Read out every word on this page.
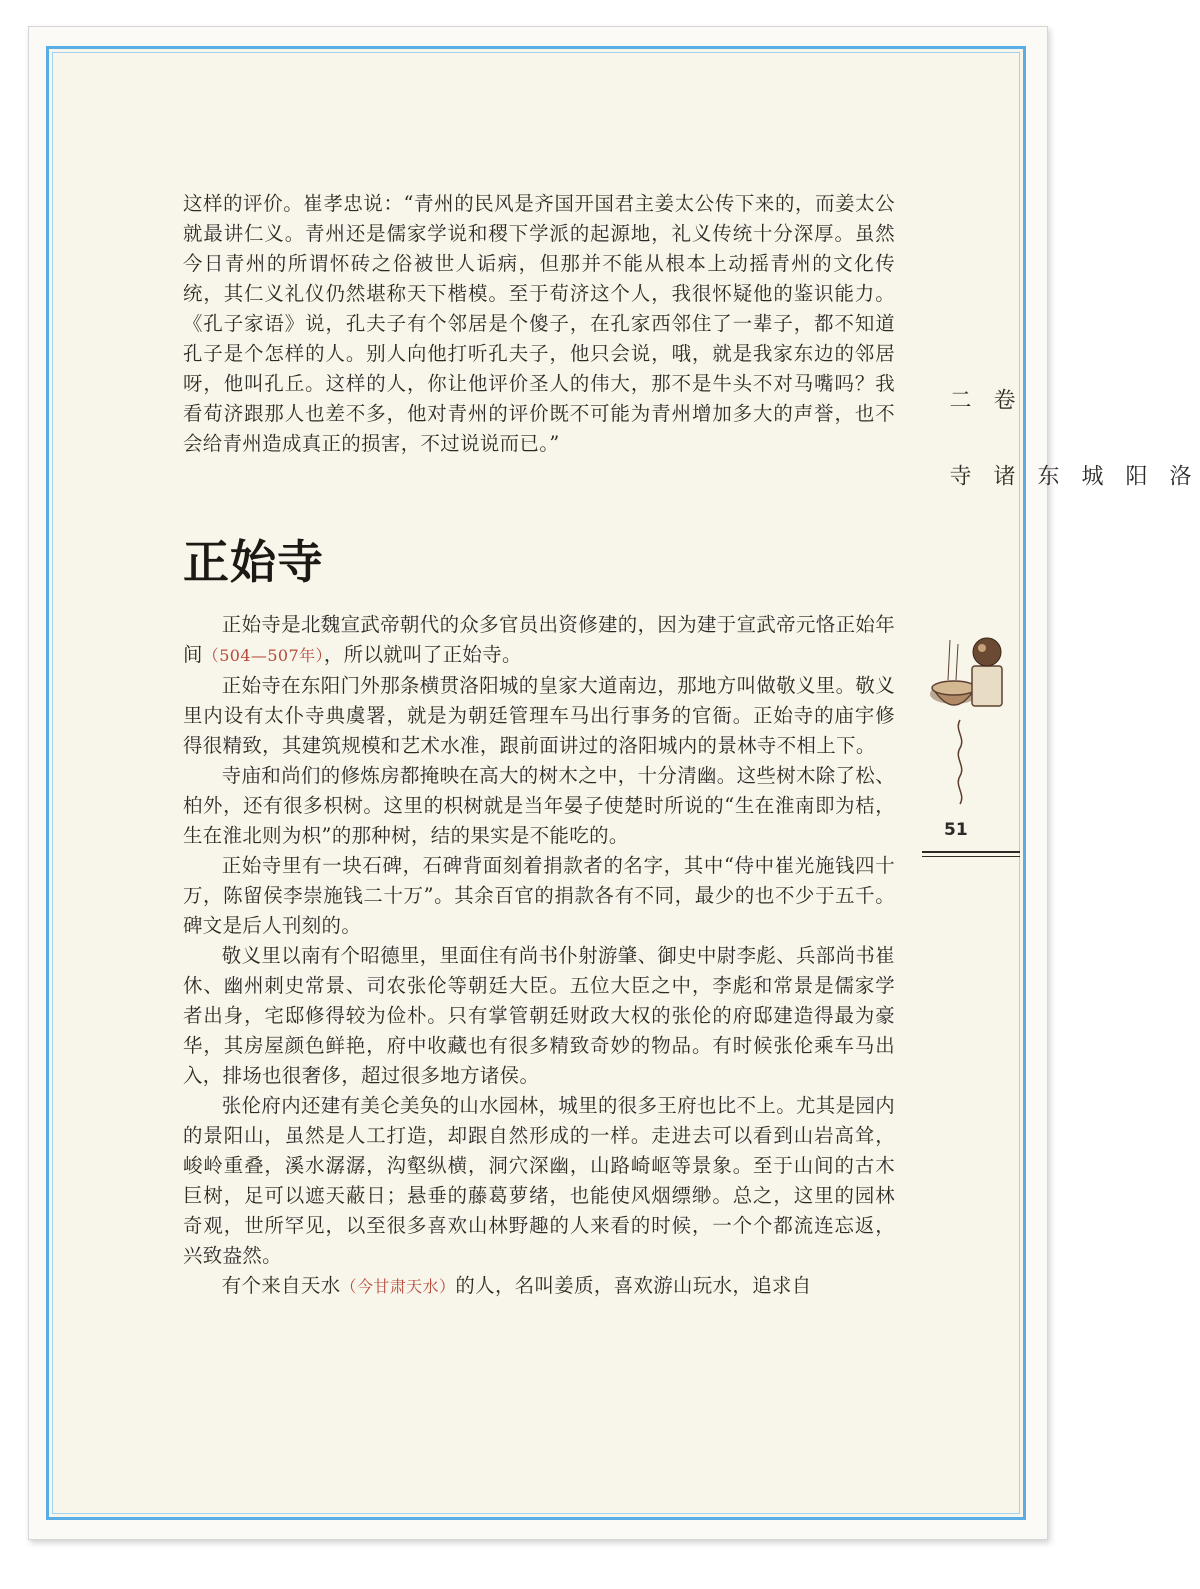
这样的评价。崔孝忠说：“青州的民风是齐国开国君主姜太公传下来的，而姜太公就最讲仁义。青州还是儒家学说和稷下学派的起源地，礼义传统十分深厚。虽然今日青州的所谓怀砖之俗被世人诟病，但那并不能从根本上动摇青州的文化传统，其仁义礼仪仍然堪称天下楷模。至于荀济这个人，我很怀疑他的鉴识能力。《孔子家语》说，孔夫子有个邻居是个傻子，在孔家西邻住了一辈子，都不知道孔子是个怎样的人。别人向他打听孔夫子，他只会说，哦，就是我家东边的邻居呀，他叫孔丘。这样的人，你让他评价圣人的伟大，那不是牛头不对马嘴吗？我看荀济跟那人也差不多，他对青州的评价既不可能为青州增加多大的声誉，也不会给青州造成真正的损害，不过说说而已。”

正始寺

正始寺是北魏宣武帝朝代的众多官员出资修建的，因为建于宣武帝元恪正始年间（504—507年），所以就叫了正始寺。

正始寺在东阳门外那条横贯洛阳城的皇家大道南边，那地方叫做敬义里。敬义里内设有太仆寺典虞署，就是为朝廷管理车马出行事务的官衙。正始寺的庙宇修得很精致，其建筑规模和艺术水准，跟前面讲过的洛阳城内的景林寺不相上下。

寺庙和尚们的修炼房都掩映在高大的树木之中，十分清幽。这些树木除了松、柏外，还有很多枳树。这里的枳树就是当年晏子使楚时所说的“生在淮南即为桔，生在淮北则为枳”的那种树，结的果实是不能吃的。

正始寺里有一块石碑，石碑背面刻着捐款者的名字，其中“侍中崔光施钱四十万，陈留侯李崇施钱二十万”。其余百官的捐款各有不同，最少的也不少于五千。碑文是后人刊刻的。

敬义里以南有个昭德里，里面住有尚书仆射游肇、御史中尉李彪、兵部尚书崔休、幽州刺史常景、司农张伦等朝廷大臣。五位大臣之中，李彪和常景是儒家学者出身，宅邸修得较为俭朴。只有掌管朝廷财政大权的张伦的府邸建造得最为豪华，其房屋颜色鲜艳，府中收藏也有很多精致奇妙的物品。有时候张伦乘车马出入，排场也很奢侈，超过很多地方诸侯。

张伦府内还建有美仑美奂的山水园林，城里的很多王府也比不上。尤其是园内的景阳山，虽然是人工打造，却跟自然形成的一样。走进去可以看到山岩高耸，峻岭重叠，溪水潺潺，沟壑纵横，洞穴深幽，山路崎岖等景象。至于山间的古木巨树，足可以遮天蔽日；悬垂的藤葛萝绪，也能使风烟缥缈。总之，这里的园林奇观，世所罕见，以至很多喜欢山林野趣的人来看的时候，一个个都流连忘返，兴致盎然。

有个来自天水（今甘肃天水）的人，名叫姜质，喜欢游山玩水，追求自

卷二
洛阳城东诸寺
51
